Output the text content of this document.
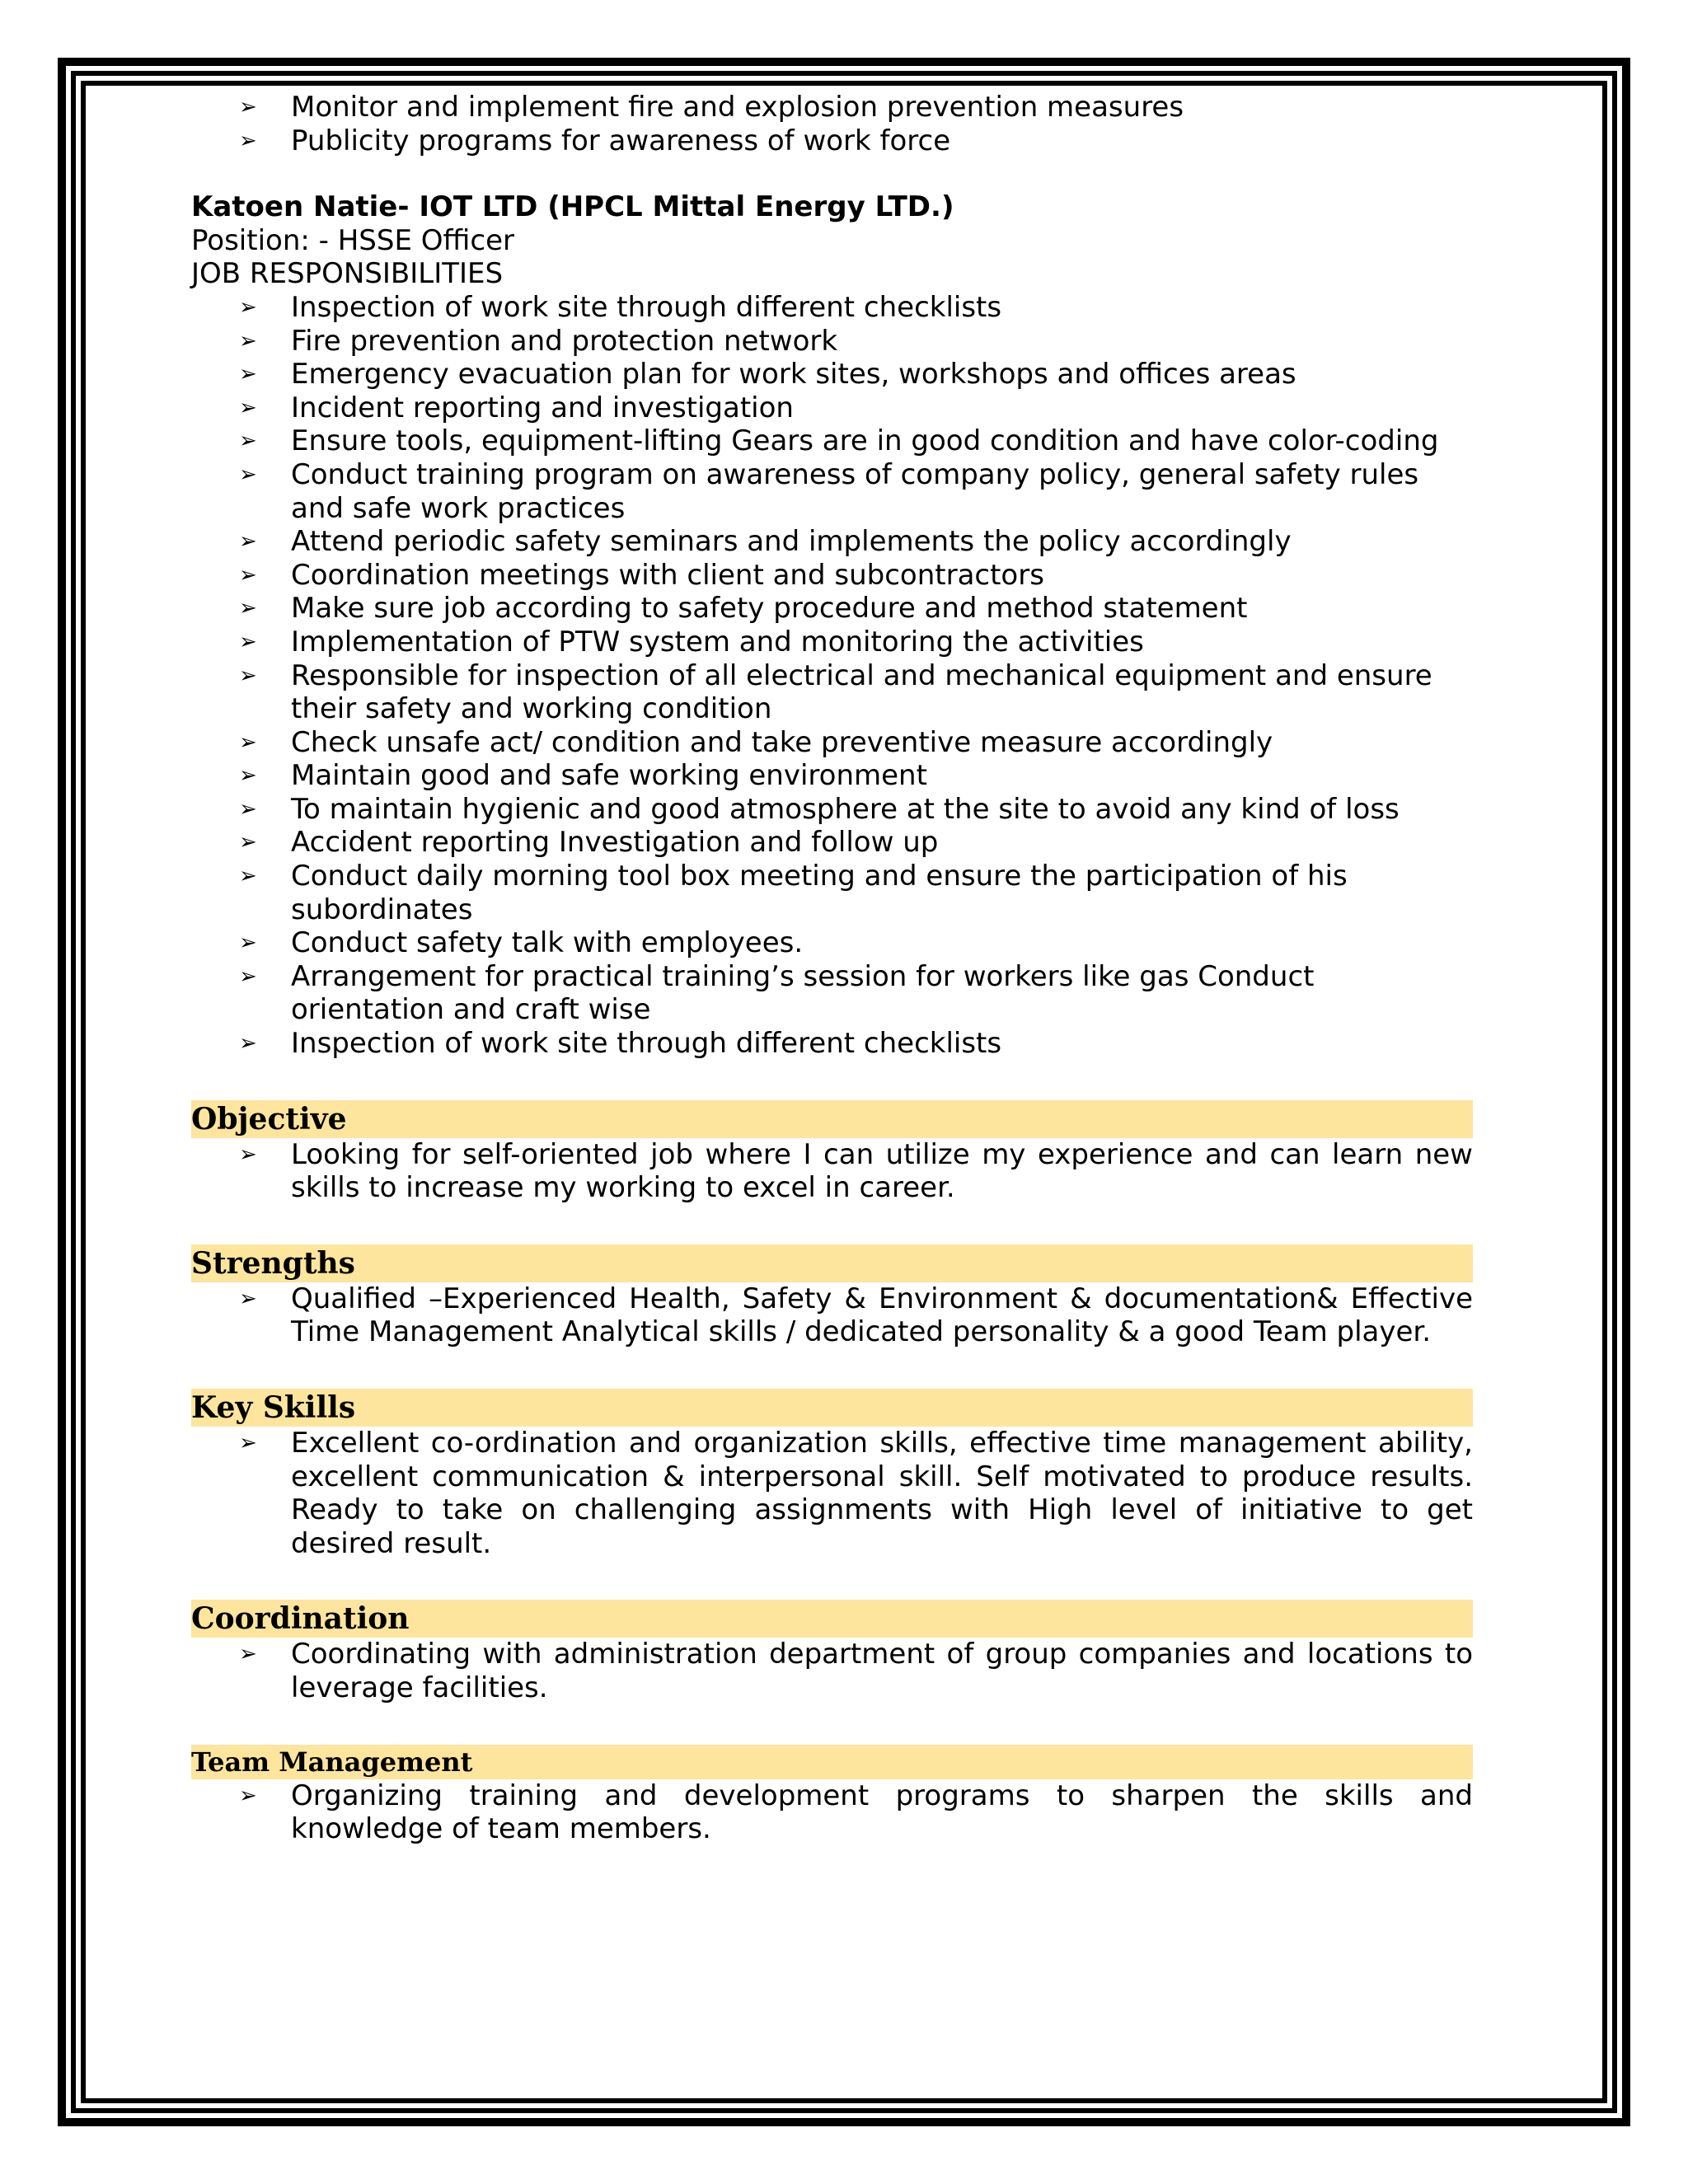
➢ Monitor and implement fire and explosion prevention measures
➢ Publicity programs for awareness of work force
Katoen Natie- IOT LTD (HPCL Mittal Energy LTD.)
Position: - HSSE Officer
JOB RESPONSIBILITIES
➢ Inspection of work site through different checklists
➢ Fire prevention and protection network
➢ Emergency evacuation plan for work sites, workshops and offices areas
➢ Incident reporting and investigation
➢ Ensure tools, equipment-lifting Gears are in good condition and have color-coding
➢ Conduct training program on awareness of company policy, general safety rules and safe work practices
➢ Attend periodic safety seminars and implements the policy accordingly
➢ Coordination meetings with client and subcontractors
➢ Make sure job according to safety procedure and method statement
➢ Implementation of PTW system and monitoring the activities
➢ Responsible for inspection of all electrical and mechanical equipment and ensure their safety and working condition
➢ Check unsafe act/ condition and take preventive measure accordingly
➢ Maintain good and safe working environment
➢ To maintain hygienic and good atmosphere at the site to avoid any kind of loss
➢ Accident reporting Investigation and follow up
➢ Conduct daily morning tool box meeting and ensure the participation of his subordinates
➢ Conduct safety talk with employees.
➢ Arrangement for practical training’s session for workers like gas Conduct orientation and craft wise
➢ Inspection of work site through different checklists
Objective
➢ Looking for self-oriented job where I can utilize my experience and can learn new skills to increase my working to excel in career.
Strengths
➢ Qualified –Experienced Health, Safety & Environment & documentation& Effective Time Management Analytical skills / dedicated personality & a good Team player.
Key Skills
➢ Excellent co-ordination and organization skills, effective time management ability, excellent communication & interpersonal skill. Self motivated to produce results. Ready to take on challenging assignments with High level of initiative to get desired result.
Coordination
➢ Coordinating with administration department of group companies and locations to leverage facilities.
Team Management
➢ Organizing training and development programs to sharpen the skills and knowledge of team members.
